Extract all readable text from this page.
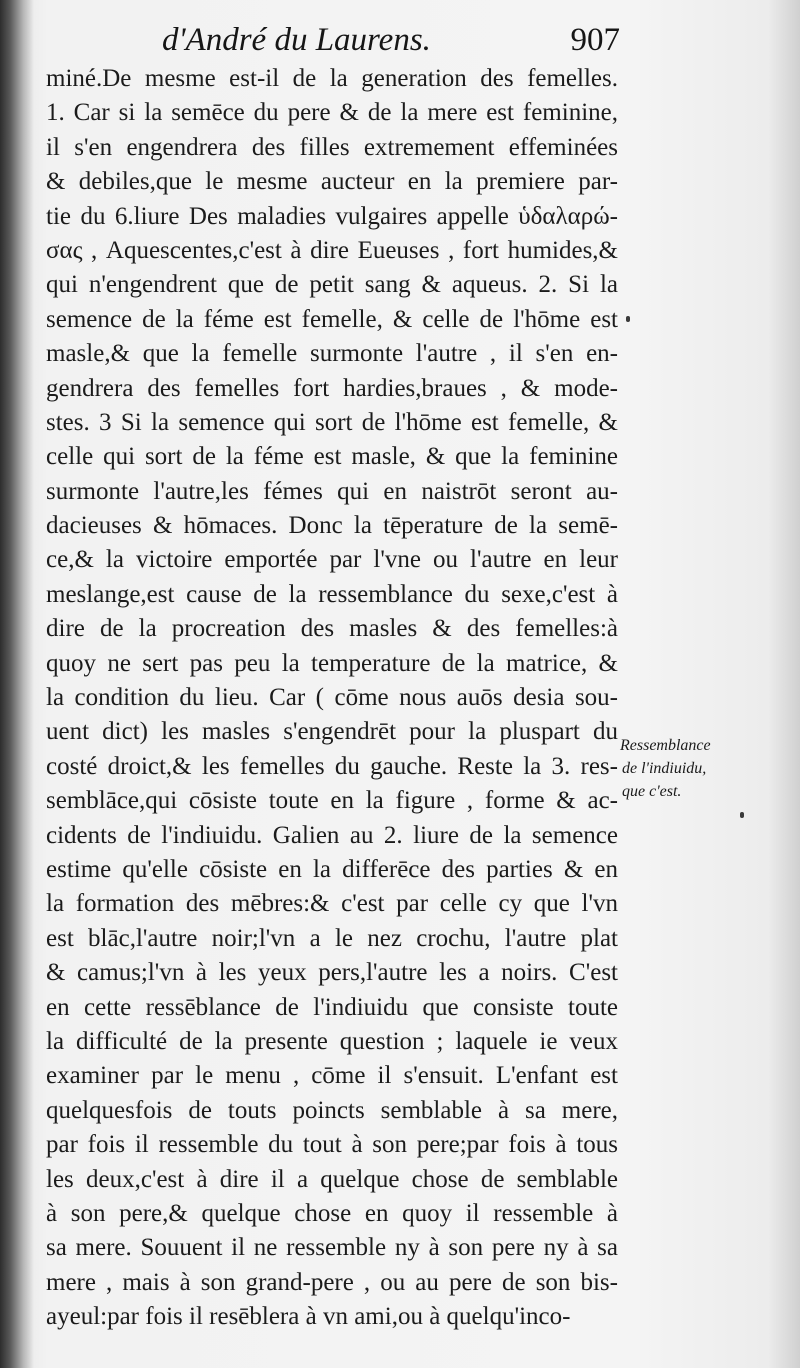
d'André du Laurens.	907
miné.De mesme est-il de la generation des femelles.
1. Car si la semēce du pere & de la mere est feminine,
il s'en engendrera des filles extremement effeminées
& debiles,que le mesme aucteur en la premiere par-
tie du 6.liure Des maladies vulgaires appelle ὑδαλαρώ-
σας , Aquescentes,c'est à dire Eueuses , fort humides,&
qui n'engendrent que de petit sang & aqueus. 2. Si la
semence de la féme est femelle, & celle de l'hōme est
masle,& que la femelle surmonte l'autre , il s'en en-
gendrera des femelles fort hardies,braues , & mode-
stes. 3 Si la semence qui sort de l'hōme est femelle, &
celle qui sort de la féme est masle, & que la feminine
surmonte l'autre,les fémes qui en naistrōt seront au-
dacieuses & hōmaces. Donc la tēperature de la semē-
ce,& la victoire emportée par l'vne ou l'autre en leur
meslange,est cause de la ressemblance du sexe,c'est à
dire de la procreation des masles & des femelles:à
quoy ne sert pas peu la temperature de la matrice, &
la condition du lieu. Car ( cōme nous auōs desia sou-
uent dict) les masles s'engendrēt pour la pluspart du
costé droict,& les femelles du gauche. Reste la 3. res-
semblāce,qui cōsiste toute en la figure , forme & ac-
cidents de l'indiuidu. Galien au 2. liure de la semence
estime qu'elle cōsiste en la differēce des parties & en
la formation des mēbres:& c'est par celle cy que l'vn
est blāc,l'autre noir;l'vn a le nez crochu, l'autre plat
& camus;l'vn à les yeux pers,l'autre les a noirs. C'est
en cette ressēblance de l'indiuidu que consiste toute
la difficulté de la presente question ; laquele ie veux
examiner par le menu , cōme il s'ensuit. L'enfant est
quelquesfois de touts poincts semblable à sa mere,
par fois il ressemble du tout à son pere;par fois à tous
les deux,c'est à dire il a quelque chose de semblable
à son pere,& quelque chose en quoy il ressemble à
sa mere. Souuent il ne ressemble ny à son pere ny à sa
mere , mais à son grand-pere , ou au pere de son bis-
ayeul:par fois il resēblera à vn ami,ou à quelqu'inco-
Ressemblance
de l'indiuidu,
que c'est.
